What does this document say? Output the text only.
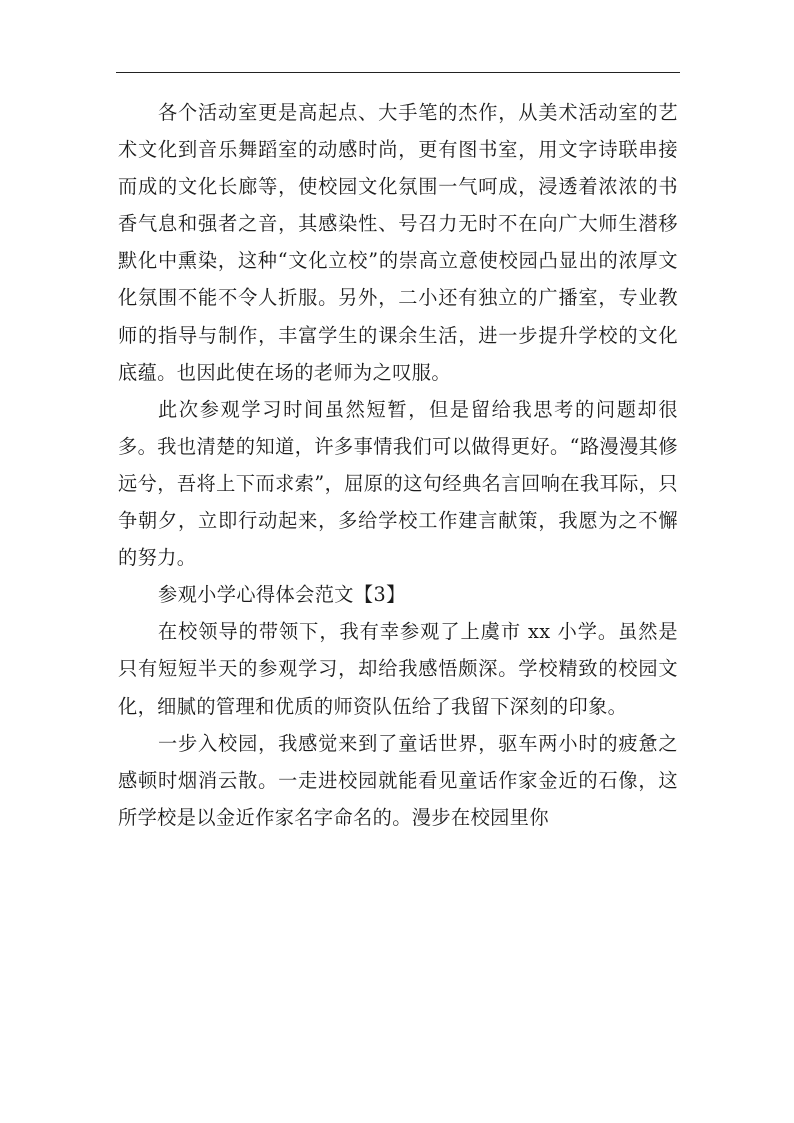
各个活动室更是高起点、大手笔的杰作，从美术活动室的艺术文化到音乐舞蹈室的动感时尚，更有图书室，用文字诗联串接而成的文化长廊等，使校园文化氛围一气呵成，浸透着浓浓的书香气息和强者之音，其感染性、号召力无时不在向广大师生潜移默化中熏染，这种“文化立校”的崇高立意使校园凸显出的浓厚文化氛围不能不令人折服。另外，二小还有独立的广播室，专业教师的指导与制作，丰富学生的课余生活，进一步提升学校的文化底蕴。也因此使在场的老师为之叹服。

此次参观学习时间虽然短暂，但是留给我思考的问题却很多。我也清楚的知道，许多事情我们可以做得更好。“路漫漫其修远兮，吾将上下而求索”，屈原的这句经典名言回响在我耳际，只争朝夕，立即行动起来，多给学校工作建言献策，我愿为之不懈的努力。

参观小学心得体会范文【3】

在校领导的带领下，我有幸参观了上虞市 xx 小学。虽然是只有短短半天的参观学习，却给我感悟颇深。学校精致的校园文化，细腻的管理和优质的师资队伍给了我留下深刻的印象。

一步入校园，我感觉来到了童话世界，驱车两小时的疲惫之感顿时烟消云散。一走进校园就能看见童话作家金近的石像，这所学校是以金近作家名字命名的。漫步在校园里你
